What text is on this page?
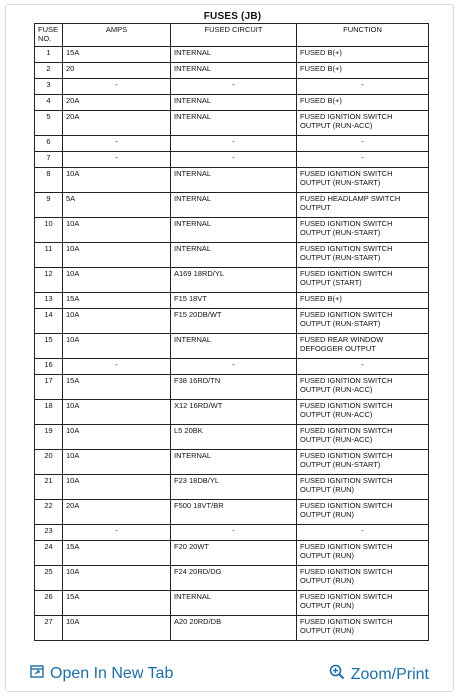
FUSES (JB)
FUSE NO.	AMPS	FUSED CIRCUIT	FUNCTION
1	15A	INTERNAL	FUSED B(+)
2	20	INTERNAL	FUSED B(+)
3	-	-	-
4	20A	INTERNAL	FUSED B(+)
5	20A	INTERNAL	FUSED IGNITION SWITCH OUTPUT (RUN-ACC)
6	-	-	-
7	-	-	-
8	10A	INTERNAL	FUSED IGNITION SWITCH OUTPUT (RUN-START)
9	5A	INTERNAL	FUSED HEADLAMP SWITCH OUTPUT
10	10A	INTERNAL	FUSED IGNITION SWITCH OUTPUT (RUN-START)
11	10A	INTERNAL	FUSED IGNITION SWITCH OUTPUT (RUN-START)
12	10A	A169 18RD/YL	FUSED IGNITION SWITCH OUTPUT (START)
13	15A	F15 18VT	FUSED B(+)
14	10A	F15 20DB/WT	FUSED IGNITION SWITCH OUTPUT (RUN-START)
15	10A	INTERNAL	FUSED REAR WINDOW DEFOGGER OUTPUT
16	-	-	-
17	15A	F38 16RD/TN	FUSED IGNITION SWITCH OUTPUT (RUN-ACC)
18	10A	X12 16RD/WT	FUSED IGNITION SWITCH OUTPUT (RUN-ACC)
19	10A	L5 20BK	FUSED IGNITION SWITCH OUTPUT (RUN-ACC)
20	10A	INTERNAL	FUSED IGNITION SWITCH OUTPUT (RUN-START)
21	10A	F23 18DB/YL	FUSED IGNITION SWITCH OUTPUT (RUN)
22	20A	F500 18VT/BR	FUSED IGNITION SWITCH OUTPUT (RUN)
23	-	-	-
24	15A	F20 20WT	FUSED IGNITION SWITCH OUTPUT (RUN)
25	10A	F24 20RD/DG	FUSED IGNITION SWITCH OUTPUT (RUN)
26	15A	INTERNAL	FUSED IGNITION SWITCH OUTPUT (RUN)
27	10A	A20 20RD/DB	FUSED IGNITION SWITCH OUTPUT (RUN)
Open In New Tab	Zoom/Print
